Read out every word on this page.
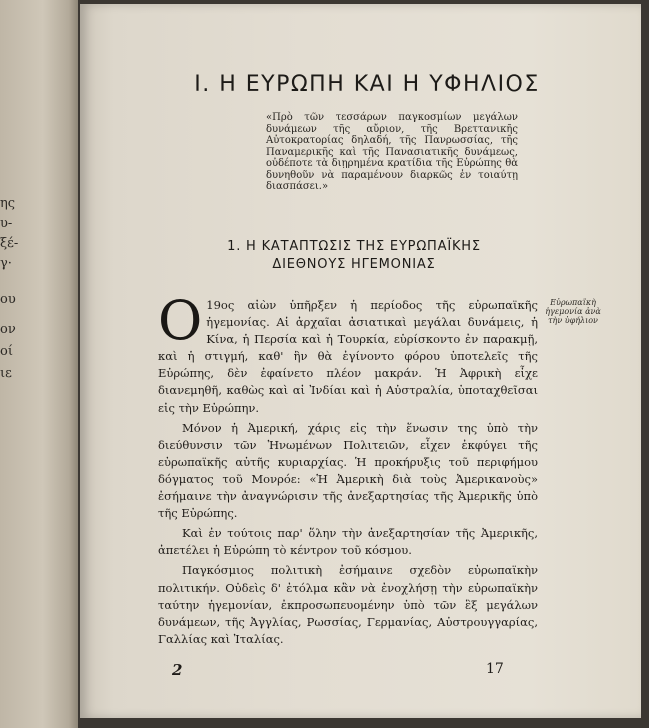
ης
υ-
ξέ-
γ·
ου
ον
οί
ιε
Ι. Η ΕΥΡΩΠΗ ΚΑΙ Η ΥΦΗΛΙΟΣ
«Πρὸ τῶν τεσσάρων παγκοσμίων μεγάλων δυνάμεων τῆς αὔριον, τῆς Βρεττανικῆς Αὐτοκρατορίας δηλαδή, τῆς Πανρωσσίας, τῆς Παναμερικῆς καὶ τῆς Πανασιατικῆς δυνάμεως, οὐδέποτε τὰ διῃρημένα κρατίδια τῆς Εὐρώπης θὰ δυνηθοῦν νὰ παραμένουν διαρκῶς ἐν τοιαύτῃ διασπάσει.»
1. Η ΚΑΤΑΠΤΩΣΙΣ ΤΗΣ ΕΥΡΩΠΑΪΚΗΣ
ΔΙΕΘΝΟΥΣ ΗΓΕΜΟΝΙΑΣ
Εὐρωπαϊκὴ ἡγεμονία ἀνὰ τὴν ὑφήλιον

Ο 19ος αἰὼν ὑπῆρξεν ἡ περίοδος τῆς εὐρωπαϊκῆς ἡγεμονίας. Αἱ ἀρχαῖαι ἀσιατικαὶ μεγάλαι δυνάμεις, ἡ Κίνα, ἡ Περσία καὶ ἡ Τουρκία, εὑρίσκοντο ἐν παρακμῇ, καὶ ἡ στιγμή, καθ' ἣν θὰ ἐγίνοντο φόρου ὑποτελεῖς τῆς Εὐρώπης, δὲν ἐφαίνετο πλέον μακράν. Ἡ Ἀφρικὴ εἶχε διανεμηθῆ, καθὼς καὶ αἱ Ἰνδίαι καὶ ἡ Αὐστραλία, ὑποταχθεῖσαι εἰς τὴν Εὐρώπην.

Μόνον ἡ Ἀμερική, χάρις εἰς τὴν ἕνωσιν της ὑπὸ τὴν διεύθυνσιν τῶν Ἡνωμένων Πολιτειῶν, εἶχεν ἐκφύγει τῆς εὐρωπαϊκῆς αὐτῆς κυριαρχίας. Ἡ προκήρυξις τοῦ περιφήμου δόγματος τοῦ Μονρόε: «Ἡ Ἀμερικὴ διὰ τοὺς Ἀμερικανοὺς» ἐσήμαινε τὴν ἀναγνώρισιν τῆς ἀνεξαρτησίας τῆς Ἀμερικῆς ὑπὸ τῆς Εὐρώπης.

Καὶ ἐν τούτοις παρ' ὅλην τὴν ἀνεξαρτησίαν τῆς Ἀμερικῆς, ἀπετέλει ἡ Εὐρώπη τὸ κέντρον τοῦ κόσμου.

Παγκόσμιος πολιτικὴ ἐσήμαινε σχεδὸν εὐρωπαϊκὴν πολιτικήν. Οὐδεὶς δ' ἐτόλμα κἂν νὰ ἐνοχλήσῃ τὴν εὐρωπαϊκὴν ταύτην ἡγεμονίαν, ἐκπροσωπευομένην ὑπὸ τῶν ἓξ μεγάλων δυνάμεων, τῆς Ἀγγλίας, Ρωσσίας, Γερμανίας, Αὐστρουγγαρίας, Γαλλίας καὶ Ἰταλίας.

2	17
